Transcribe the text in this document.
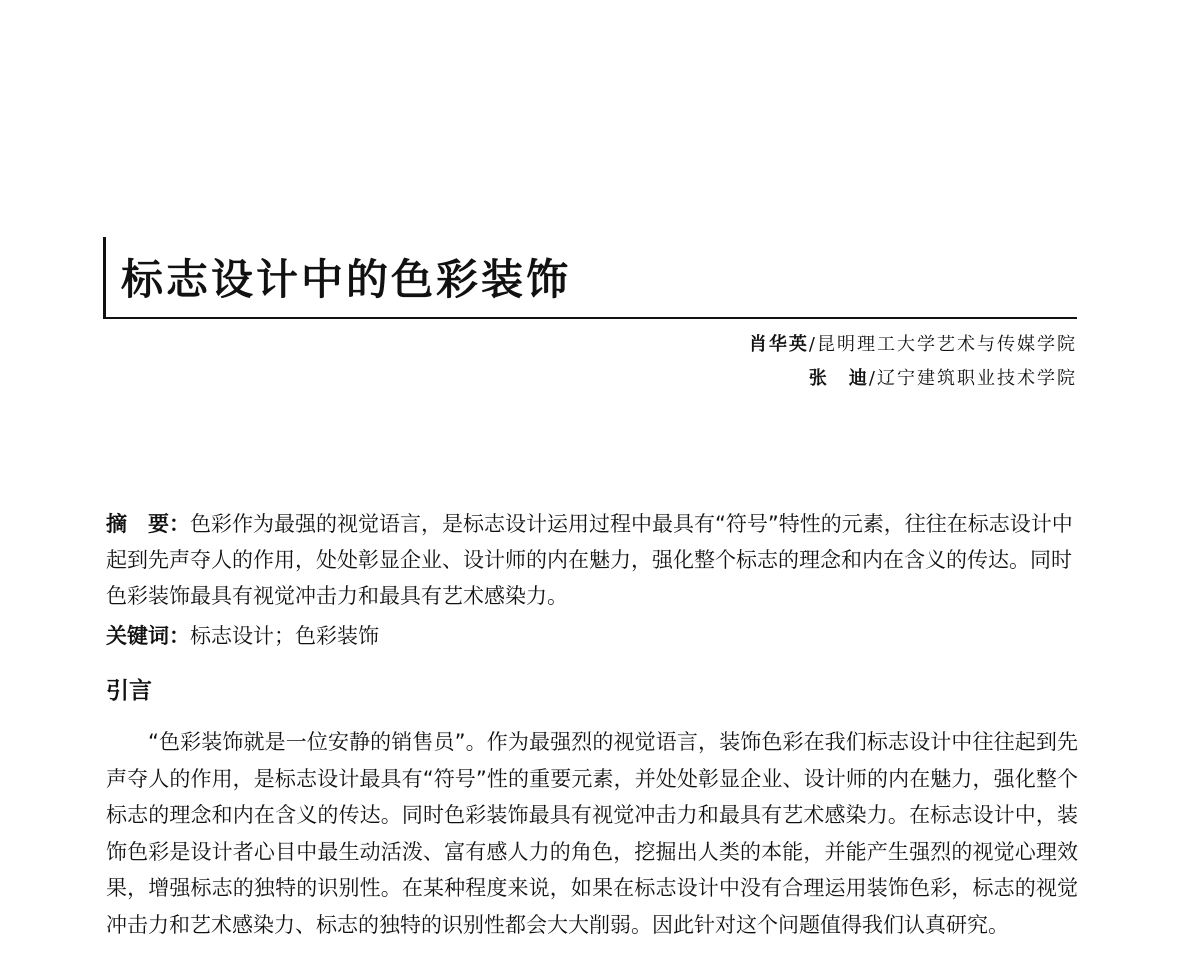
标志设计中的色彩装饰
肖华英/昆明理工大学艺术与传媒学院
张　迪/辽宁建筑职业技术学院

摘　要：色彩作为最强的视觉语言，是标志设计运用过程中最具有“符号”特性的元素，往往在标志设计中起到先声夺人的作用，处处彰显企业、设计师的内在魅力，强化整个标志的理念和内在含义的传达。同时色彩装饰最具有视觉冲击力和最具有艺术感染力。

关键词：标志设计；色彩装饰

引言

“色彩装饰就是一位安静的销售员”。作为最强烈的视觉语言，装饰色彩在我们标志设计中往往起到先声夺人的作用，是标志设计最具有“符号”性的重要元素，并处处彰显企业、设计师的内在魅力，强化整个标志的理念和内在含义的传达。同时色彩装饰最具有视觉冲击力和最具有艺术感染力。在标志设计中，装饰色彩是设计者心目中最生动活泼、富有感人力的角色，挖掘出人类的本能，并能产生强烈的视觉心理效果，增强标志的独特的识别性。在某种程度来说，如果在标志设计中没有合理运用装饰色彩，标志的视觉冲击力和艺术感染力、标志的独特的识别性都会大大削弱。因此针对这个问题值得我们认真研究。
